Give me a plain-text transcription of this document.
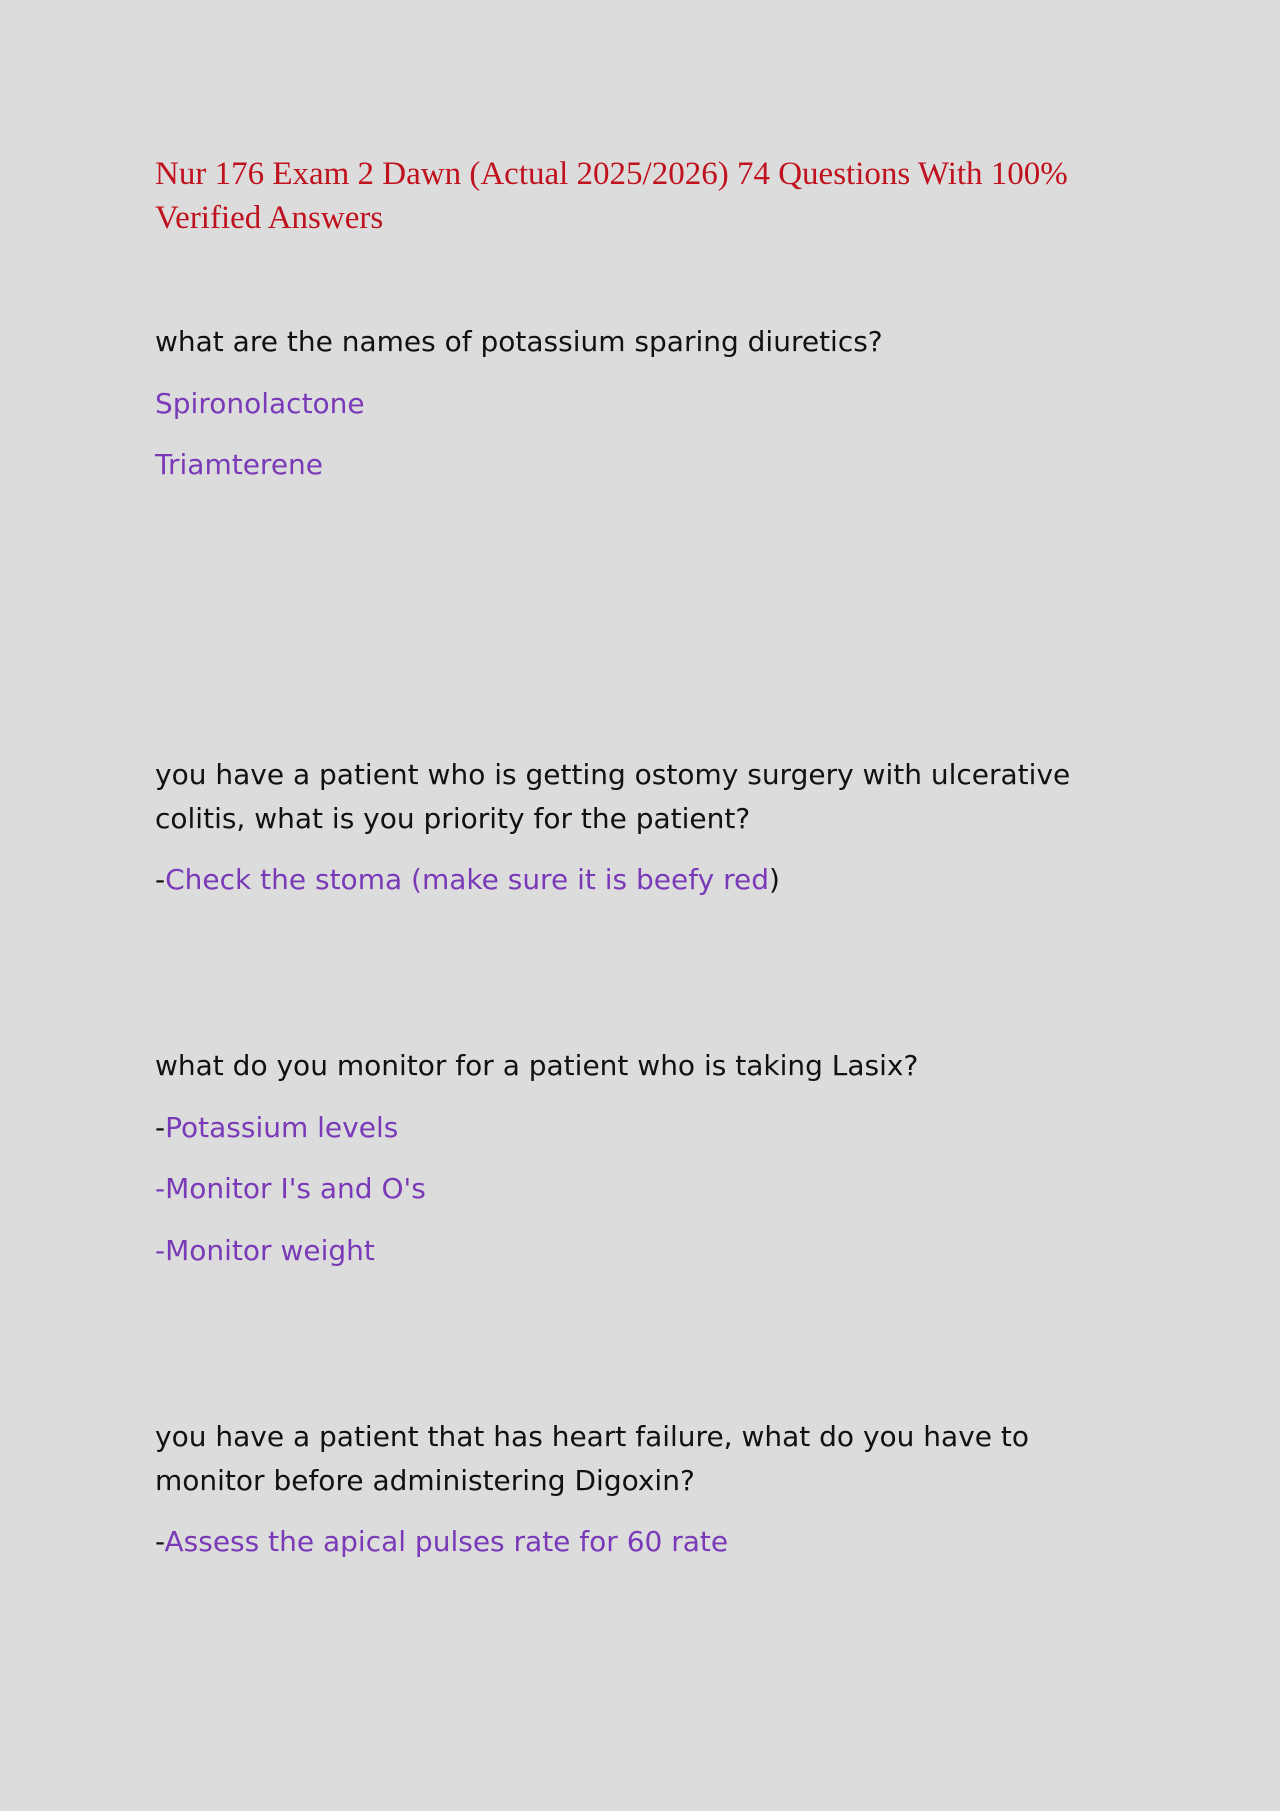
Nur 176 Exam 2 Dawn (Actual 2025/2026) 74 Questions With 100% Verified Answers

what are the names of potassium sparing diuretics?

Spironolactone

Triamterene

you have a patient who is getting ostomy surgery with ulcerative colitis, what is you priority for the patient?

-Check the stoma (make sure it is beefy red)

what do you monitor for a patient who is taking Lasix?

-Potassium levels

-Monitor I's and O's

-Monitor weight

you have a patient that has heart failure, what do you have to monitor before administering Digoxin?

-Assess the apical pulses rate for 60 rate
